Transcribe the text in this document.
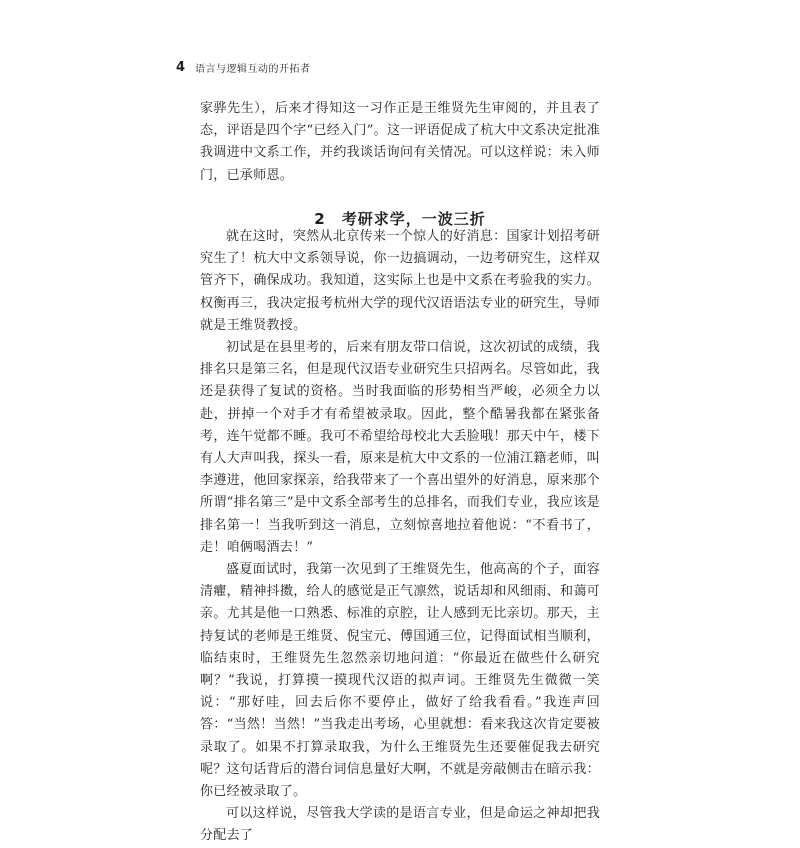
4 语言与逻辑互动的开拓者

家骅先生），后来才得知这一习作正是王维贤先生审阅的，并且表了态，评语是四个字“已经入门”。这一评语促成了杭大中文系决定批准我调进中文系工作，并约我谈话询问有关情况。可以这样说：未入师门，已承师恩。

2 考研求学，一波三折

就在这时，突然从北京传来一个惊人的好消息：国家计划招考研究生了！杭大中文系领导说，你一边搞调动，一边考研究生，这样双管齐下，确保成功。我知道，这实际上也是中文系在考验我的实力。权衡再三，我决定报考杭州大学的现代汉语语法专业的研究生，导师就是王维贤教授。

初试是在县里考的，后来有朋友带口信说，这次初试的成绩，我排名只是第三名，但是现代汉语专业研究生只招两名。尽管如此，我还是获得了复试的资格。当时我面临的形势相当严峻，必须全力以赴，拼掉一个对手才有希望被录取。因此，整个酷暑我都在紧张备考，连午觉都不睡。我可不希望给母校北大丢脸哦！那天中午，楼下有人大声叫我，探头一看，原来是杭大中文系的一位浦江籍老师，叫李遵进，他回家探亲，给我带来了一个喜出望外的好消息，原来那个所谓“排名第三”是中文系全部考生的总排名，而我们专业，我应该是排名第一！当我听到这一消息，立刻惊喜地拉着他说：“不看书了，走！咱俩喝酒去！”

盛夏面试时，我第一次见到了王维贤先生，他高高的个子，面容清癯，精神抖擞，给人的感觉是正气凛然，说话却和风细雨、和蔼可亲。尤其是他一口熟悉、标准的京腔，让人感到无比亲切。那天，主持复试的老师是王维贤、倪宝元、傅国通三位，记得面试相当顺利，临结束时，王维贤先生忽然亲切地问道：“你最近在做些什么研究啊？”我说，打算摸一摸现代汉语的拟声词。王维贤先生微微一笑说：“那好哇，回去后你不要停止，做好了给我看看。”我连声回答：“当然！当然！”当我走出考场，心里就想：看来我这次肯定要被录取了。如果不打算录取我，为什么王维贤先生还要催促我去研究呢？这句话背后的潜台词信息量好大啊，不就是旁敲侧击在暗示我：你已经被录取了。

可以这样说，尽管我大学读的是语言专业，但是命运之神却把我分配去了
